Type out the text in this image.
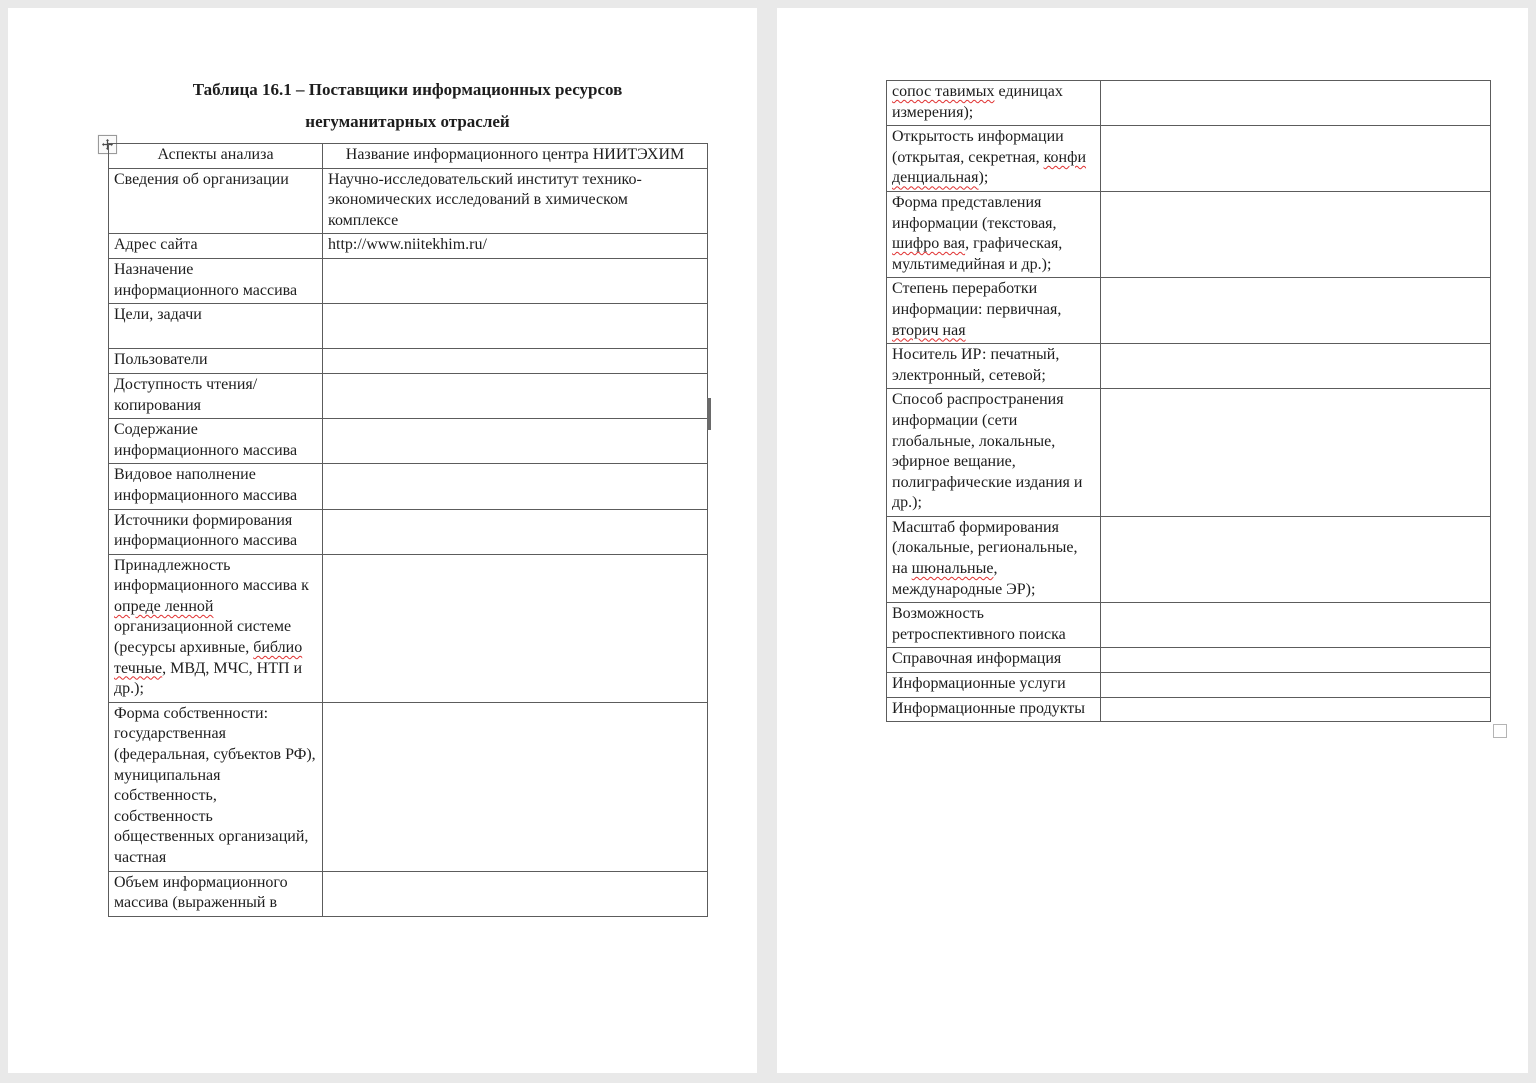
Таблица 16.1 – Поставщики информационных ресурсов
негуманитарных отраслей
Аспекты анализа	Название информационного центра НИИТЭХИМ
Сведения об организации	Научно-исследовательский институт технико-экономических исследований в химическом комплексе
Адрес сайта	http://www.niitekhim.ru/
Назначение информационного массива	
Цели, задачи

Пользователи	
Доступность чтения/копирования	
Содержание информационного массива	
Видовое наполнение информационного массива	
Источники формирования информационного массива	
Принадлежность информационного массива к опреде ленной организационной системе (ресурсы архивные, библио течные, МВД, МЧС, НТП и др.);	
Форма собственности: государственная (федеральная, субъектов РФ), муниципальная собственность, собственность общественных организаций, частная	
Объем информационного массива (выраженный в	
сопос тавимых единицах измерения);	
Открытость информации (открытая, секретная, конфи денциальная);	
Форма представления информации (текстовая, шифро вая, графическая, мультимедийная и др.);	
Степень переработки информации: первичная, вторич ная	
Носитель ИР: печатный, электронный, сетевой;	
Способ распространения информации (сети глобальные, локальные, эфирное вещание, полиграфические издания и др.);	
Масштаб формирования (локальные, региональные, на шюнальные, международные ЭР);	
Возможность ретроспективного поиска	
Справочная информация	
Информационные услуги	
Информационные продукты	
